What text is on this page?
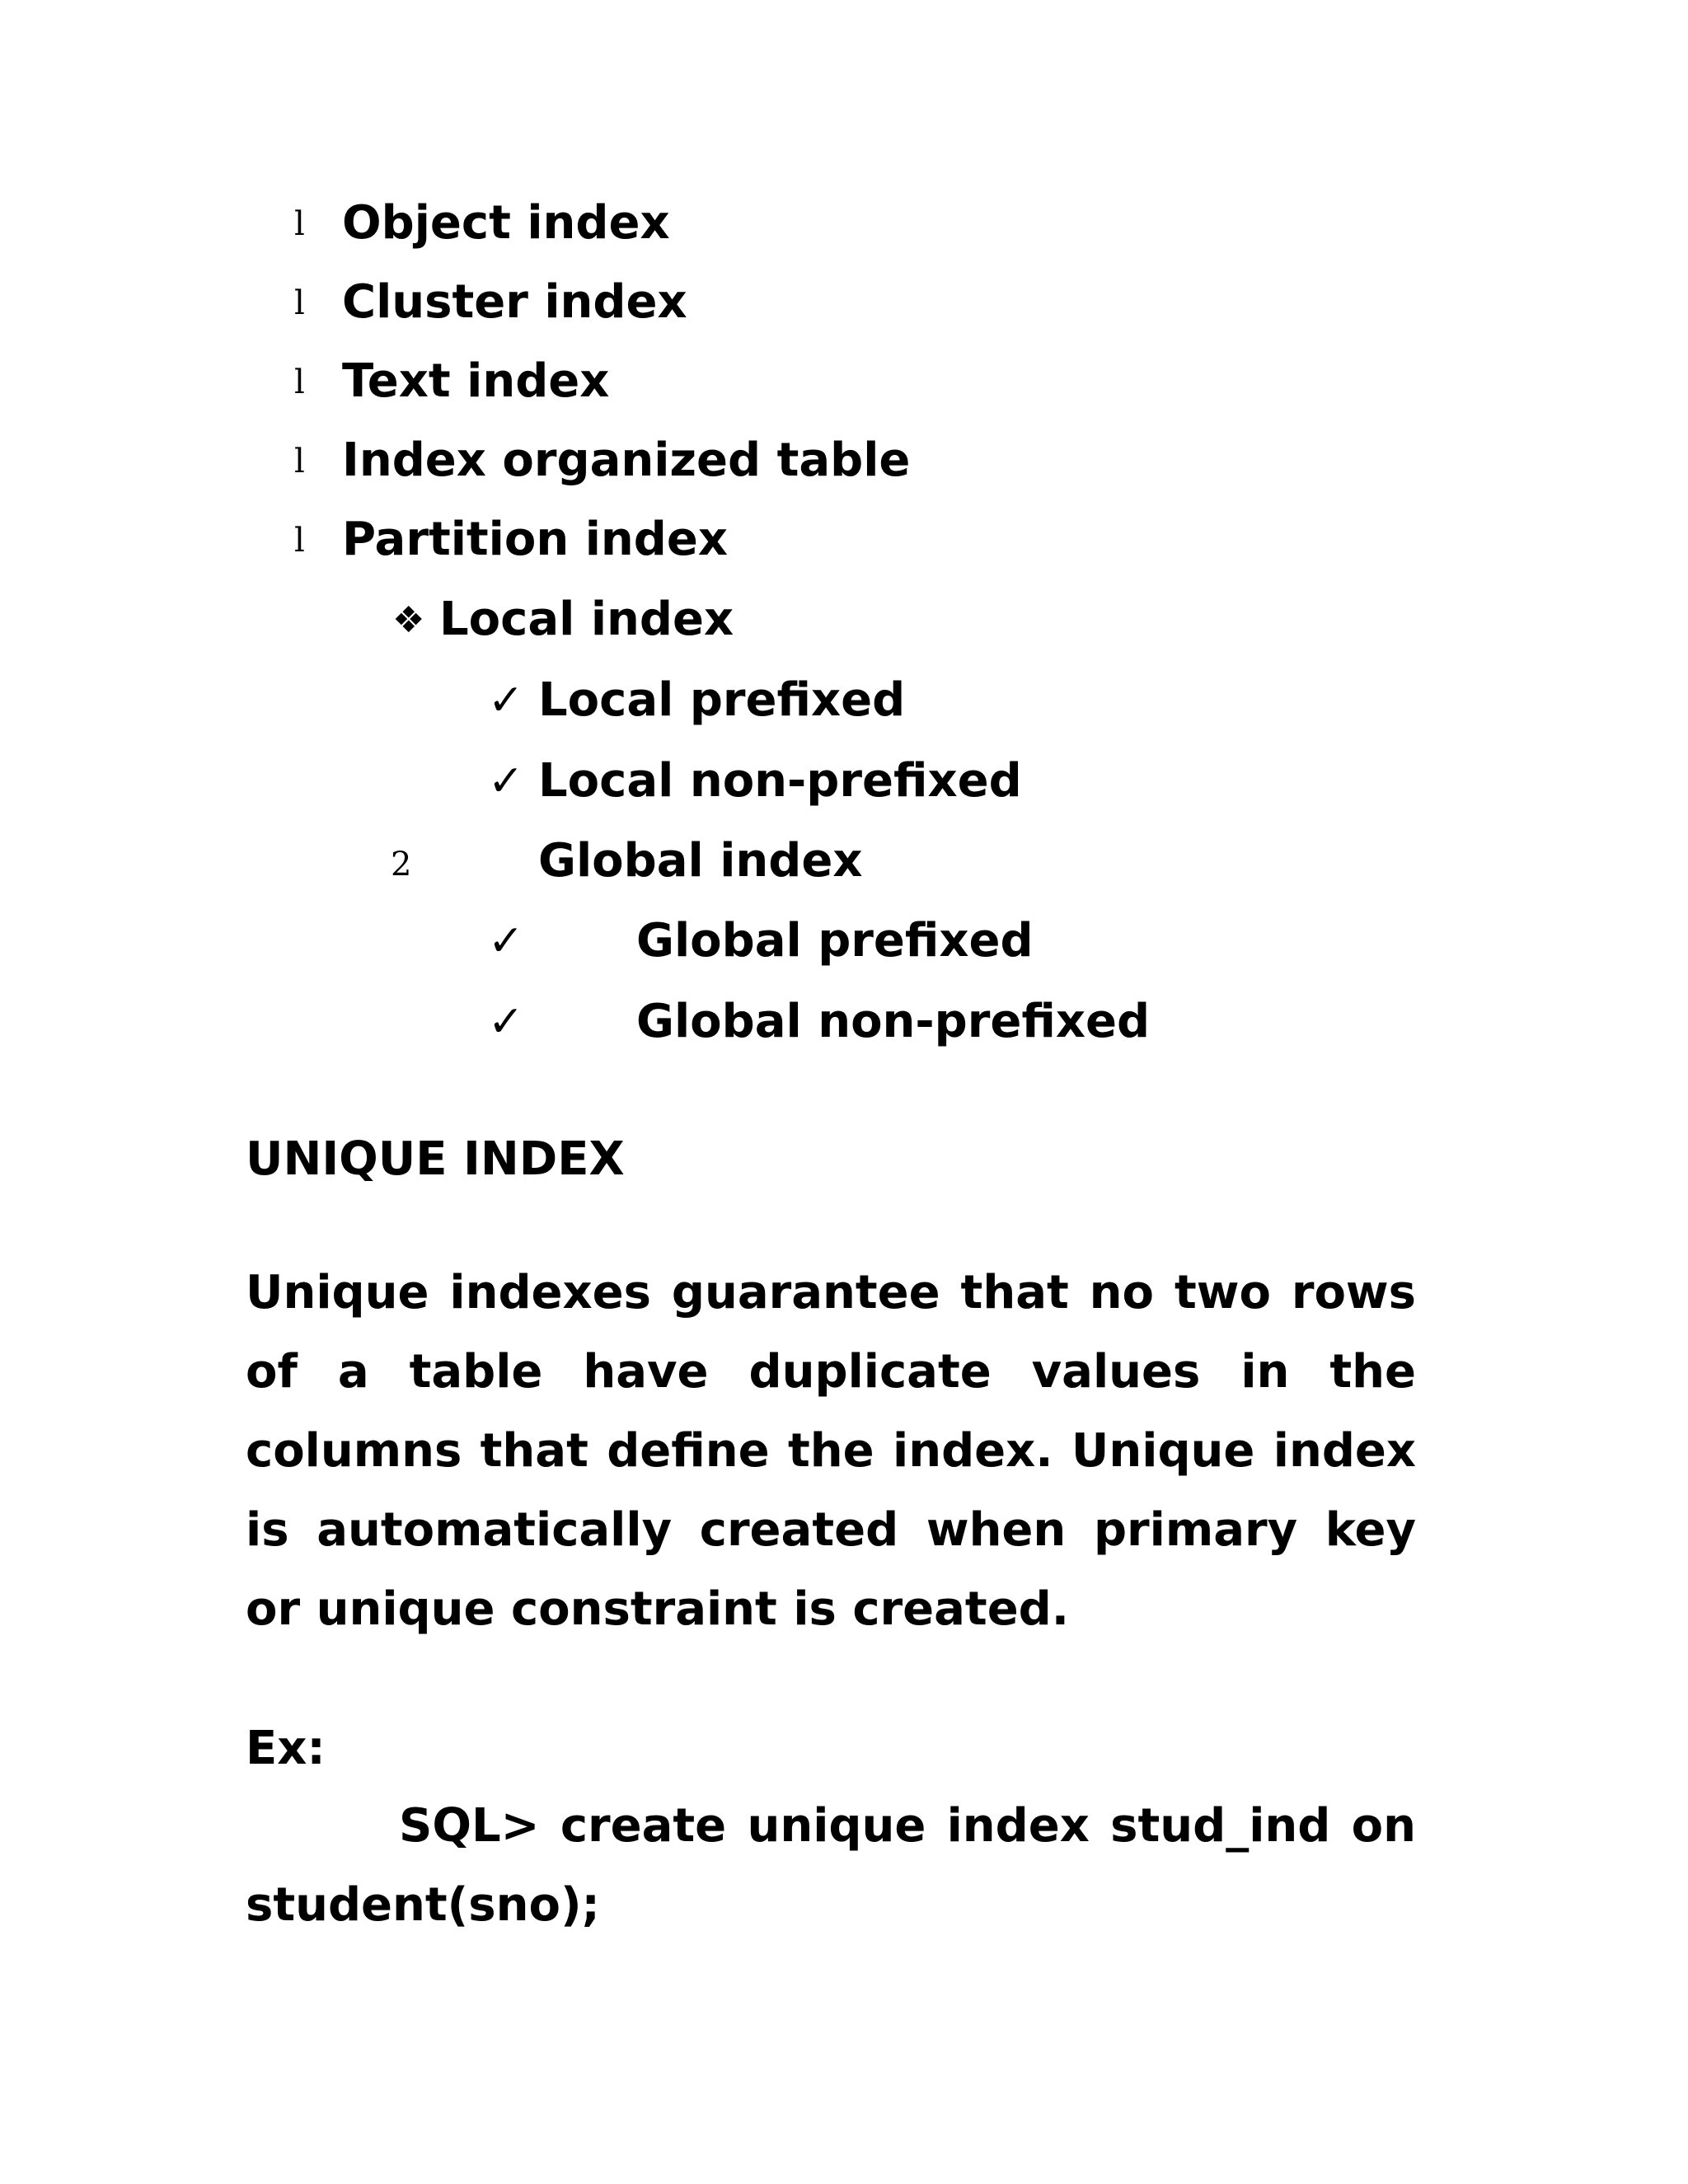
l Object index
l Cluster index
l Text index
l Index organized table
l Partition index
❖ Local index
✓ Local prefixed
✓ Local non-prefixed
2	Global index
✓ Global prefixed
✓ Global non-prefixed
UNIQUE INDEX
Unique indexes guarantee that no two rows of a table have duplicate values in the columns that define the index. Unique index is automatically created when primary key or unique constraint is created.
Ex:
SQL> create unique index stud_ind on
student(sno);
